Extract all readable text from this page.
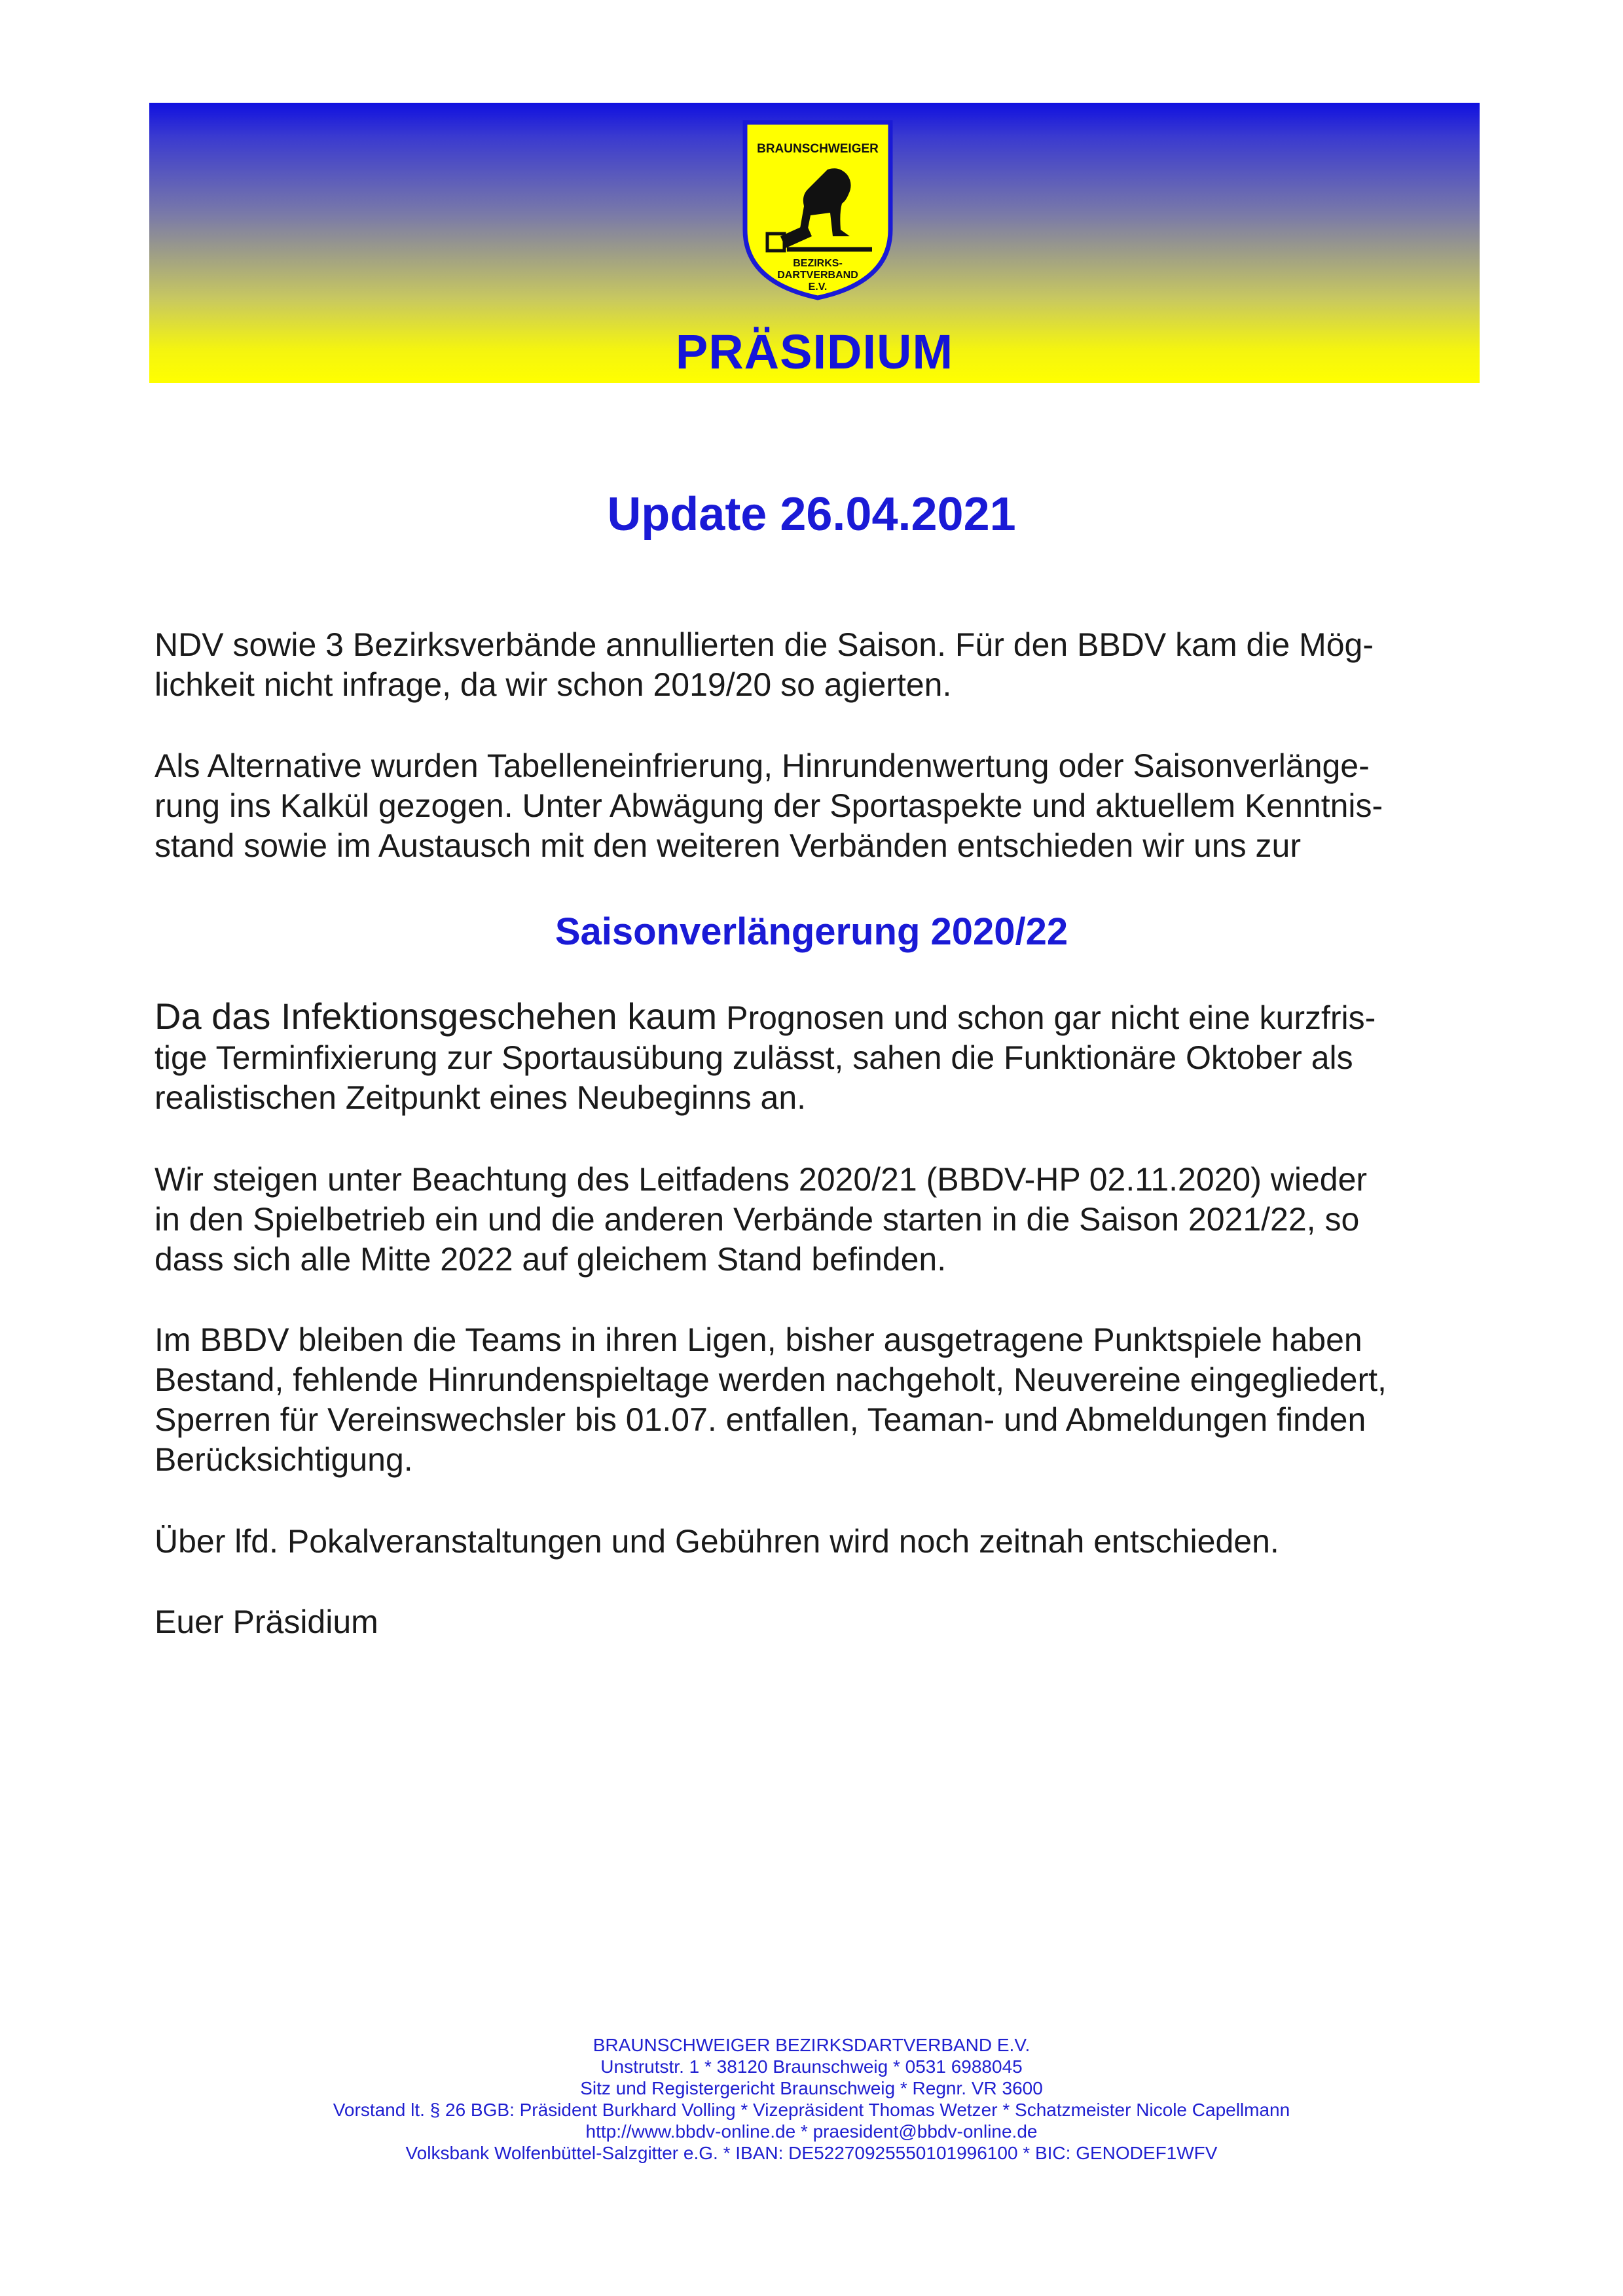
BRAUNSCHWEIGER
BEZIRKS-
DARTVERBAND
E.V.
PRÄSIDIUM
Update 26.04.2021

NDV sowie 3 Bezirksverbände annullierten die Saison. Für den BBDV kam die Mög-
lichkeit nicht infrage, da wir schon 2019/20 so agierten.

Als Alternative wurden Tabelleneinfrierung, Hinrundenwertung oder Saisonverlänge-
rung ins Kalkül gezogen. Unter Abwägung der Sportaspekte und aktuellem Kenntnis-
stand sowie im Austausch mit den weiteren Verbänden entschieden wir uns zur

Saisonverlängerung 2020/22

Da das Infektionsgeschehen kaum Prognosen und schon gar nicht eine kurzfris-
tige Terminfixierung zur Sportausübung zulässt, sahen die Funktionäre Oktober als
realistischen Zeitpunkt eines Neubeginns an.

Wir steigen unter Beachtung des Leitfadens 2020/21 (BBDV-HP 02.11.2020) wieder
in den Spielbetrieb ein und die anderen Verbände starten in die Saison 2021/22, so
dass sich alle Mitte 2022 auf gleichem Stand befinden.

Im BBDV bleiben die Teams in ihren Ligen, bisher ausgetragene Punktspiele haben
Bestand, fehlende Hinrundenspieltage werden nachgeholt, Neuvereine eingegliedert,
Sperren für Vereinswechsler bis 01.07. entfallen, Teaman- und Abmeldungen finden
Berücksichtigung.

Über lfd. Pokalveranstaltungen und Gebühren wird noch zeitnah entschieden.

Euer Präsidium

BRAUNSCHWEIGER BEZIRKSDARTVERBAND E.V.
Unstrutstr. 1 * 38120 Braunschweig * 0531 6988045
Sitz und Registergericht Braunschweig * Regnr. VR 3600
Vorstand lt. § 26 BGB: Präsident Burkhard Volling * Vizepräsident Thomas Wetzer * Schatzmeister Nicole Capellmann
http://www.bbdv-online.de * praesident@bbdv-online.de
Volksbank Wolfenbüttel-Salzgitter e.G. * IBAN: DE52270925550101996100 * BIC: GENODEF1WFV
